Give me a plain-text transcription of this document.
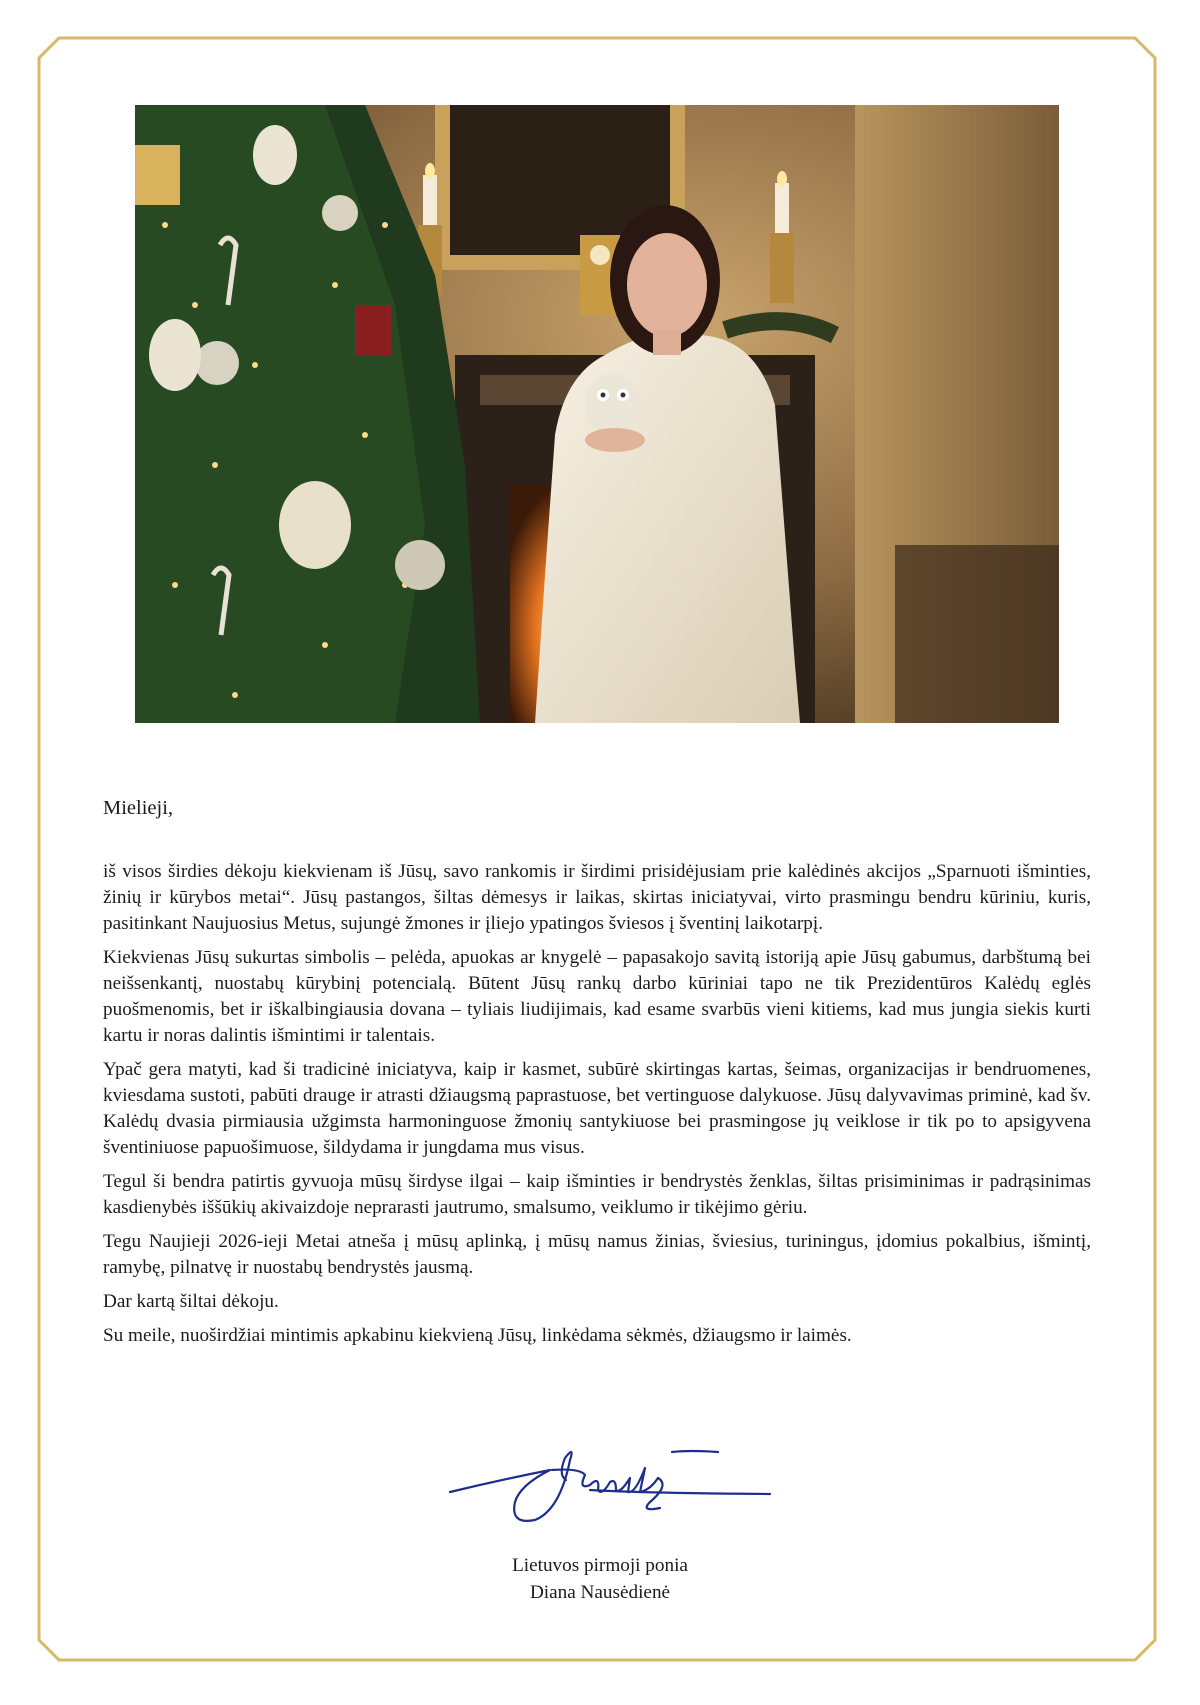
Mielieji,

iš visos širdies dėkoju kiekvienam iš Jūsų, savo rankomis ir širdimi prisidėjusiam prie kalėdinės akcijos „Sparnuoti išminties, žinių ir kūrybos metai“. Jūsų pastangos, šiltas dėmesys ir laikas, skirtas iniciatyvai, virto prasmingu bendru kūriniu, kuris, pasitinkant Naujuosius Metus, sujungė žmones ir įliejo ypatingos šviesos į šventinį laikotarpį.

Kiekvienas Jūsų sukurtas simbolis – pelėda, apuokas ar knygelė – papasakojo savitą istoriją apie Jūsų gabumus, darbštumą bei neišsenkantį, nuostabų kūrybinį potencialą. Būtent Jūsų rankų darbo kūriniai tapo ne tik Prezidentūros Kalėdų eglės puošmenomis, bet ir iškalbingiausia dovana – tyliais liudijimais, kad esame svarbūs vieni kitiems, kad mus jungia siekis kurti kartu ir noras dalintis išmintimi ir talentais.

Ypač gera matyti, kad ši tradicinė iniciatyva, kaip ir kasmet, subūrė skirtingas kartas, šeimas, organizacijas ir bendruomenes, kviesdama sustoti, pabūti drauge ir atrasti džiaugsmą paprastuose, bet vertinguose dalykuose. Jūsų dalyvavimas priminė, kad šv. Kalėdų dvasia pirmiausia užgimsta harmoninguose žmonių santykiuose bei prasmingose jų veiklose ir tik po to apsigyvena šventiniuose papuošimuose, šildydama ir jungdama mus visus.

Tegul ši bendra patirtis gyvuoja mūsų širdyse ilgai – kaip išminties ir bendrystės ženklas, šiltas prisiminimas ir padrąsinimas kasdienybės iššūkių akivaizdoje neprarasti jautrumo, smalsumo, veiklumo ir tikėjimo gėriu.

Tegu Naujieji 2026-ieji Metai atneša į mūsų aplinką, į mūsų namus žinias, šviesius, turiningus, įdomius pokalbius, išmintį, ramybę, pilnatvę ir nuostabų bendrystės jausmą.

Dar kartą šiltai dėkoju.

Su meile, nuoširdžiai mintimis apkabinu kiekvieną Jūsų, linkėdama sėkmės, džiaugsmo ir laimės.

Lietuvos pirmoji ponia
Diana Nausėdienė
